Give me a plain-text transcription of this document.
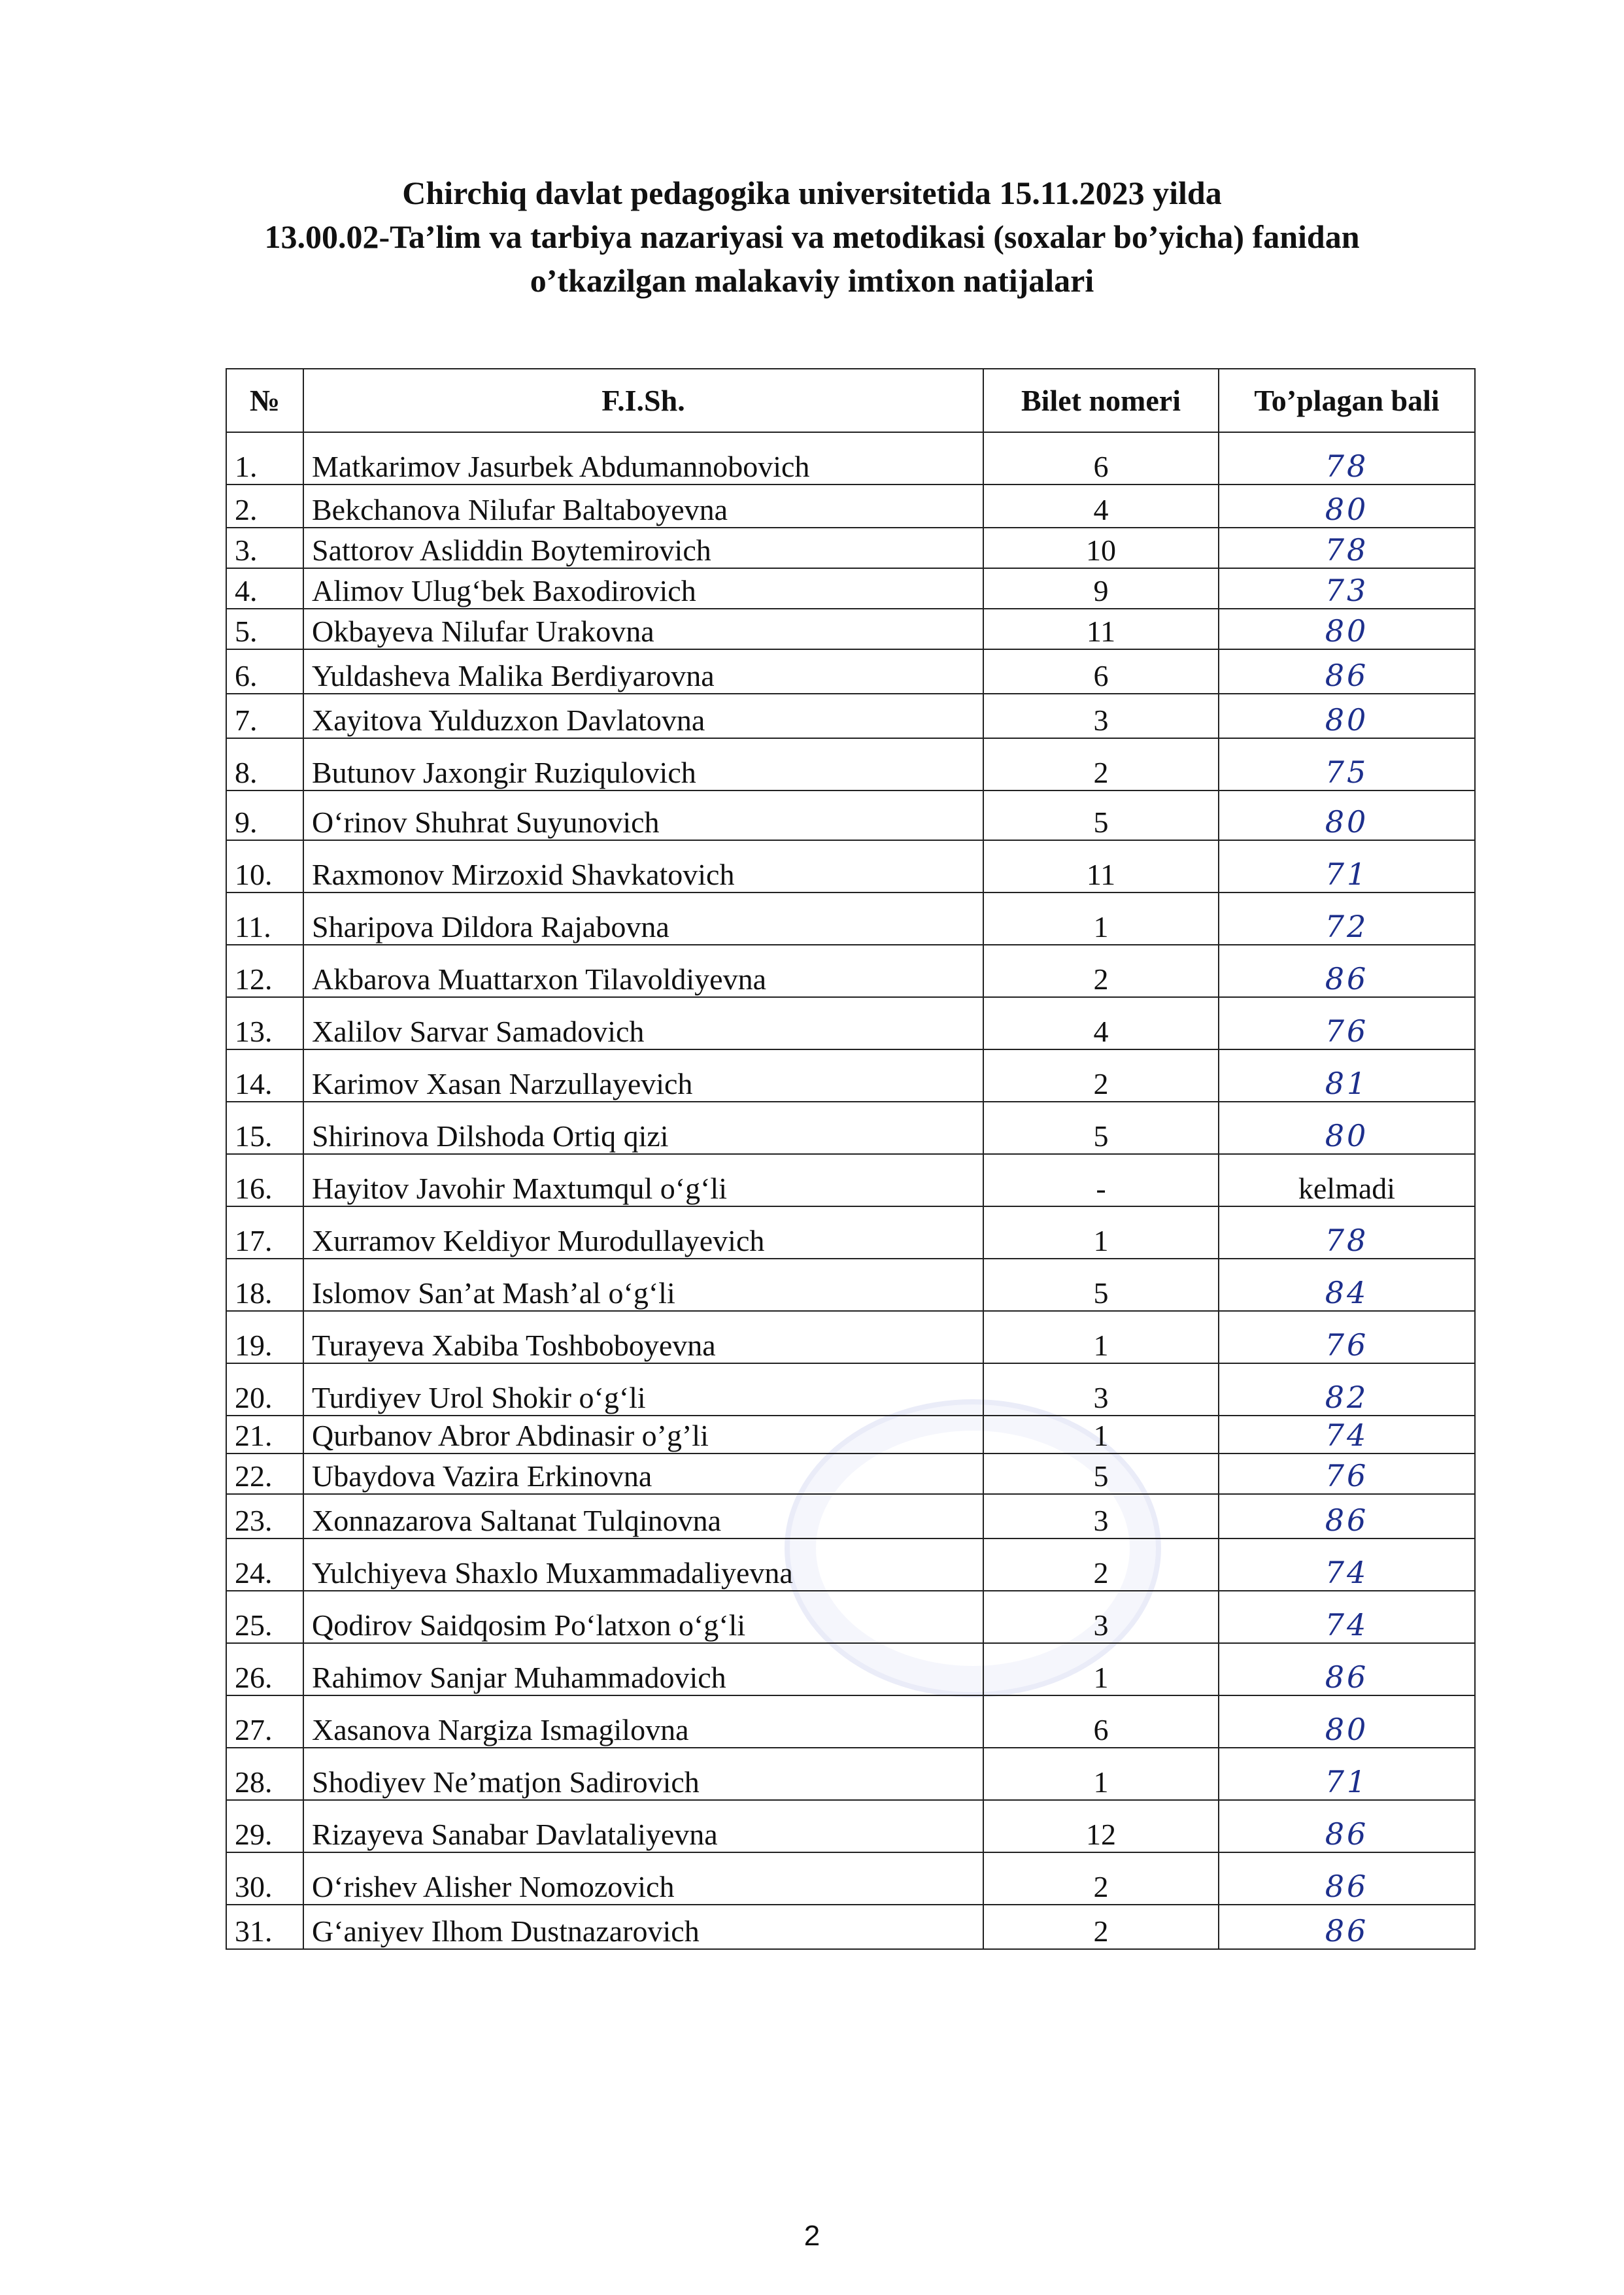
Chirchiq davlat pedagogika universitetida 15.11.2023 yilda
13.00.02-Ta’lim va tarbiya nazariyasi va metodikasi (soxalar bo’yicha) fanidan
o’tkazilgan malakaviy imtixon natijalari
№	F.I.Sh.	Bilet nomeri	To’plagan bali
1.	Matkarimov Jasurbek Abdumannobovich	6	78
2.	Bekchanova Nilufar Baltaboyevna	4	80
3.	Sattorov Asliddin Boytemirovich	10	78
4.	Alimov Ulug‘bek Baxodirovich	9	73
5.	Okbayeva Nilufar Urakovna	11	80
6.	Yuldasheva Malika Berdiyarovna	6	86
7.	Xayitova Yulduzxon Davlatovna	3	80
8.	Butunov Jaxongir Ruziqulovich	2	75
9.	O‘rinov Shuhrat Suyunovich	5	80
10.	Raxmonov Mirzoxid Shavkatovich	11	71
11.	Sharipova Dildora Rajabovna	1	72
12.	Akbarova Muattarxon Tilavoldiyevna	2	86
13.	Xalilov Sarvar Samadovich	4	76
14.	Karimov Xasan Narzullayevich	2	81
15.	Shirinova Dilshoda Ortiq qizi	5	80
16.	Hayitov Javohir Maxtumqul o‘g‘li	-	kelmadi
17.	Xurramov Keldiyor Murodullayevich	1	78
18.	Islomov San’at Mash’al o‘g‘li	5	84
19.	Turayeva Xabiba Toshboboyevna	1	76
20.	Turdiyev Urol Shokir o‘g‘li	3	82
21.	Qurbanov Abror Abdinasir o’g’li	1	74
22.	Ubaydova Vazira Erkinovna	5	76
23.	Xonnazarova Saltanat Tulqinovna	3	86
24.	Yulchiyeva Shaxlo Muxammadaliyevna	2	74
25.	Qodirov Saidqosim Po‘latxon o‘g‘li	3	74
26.	Rahimov Sanjar Muhammadovich	1	86
27.	Xasanova Nargiza Ismagilovna	6	80
28.	Shodiyev Ne’matjon Sadirovich	1	71
29.	Rizayeva Sanabar Davlataliyevna	12	86
30.	O‘rishev Alisher Nomozovich	2	86
31.	G‘aniyev Ilhom Dustnazarovich	2	86
2
